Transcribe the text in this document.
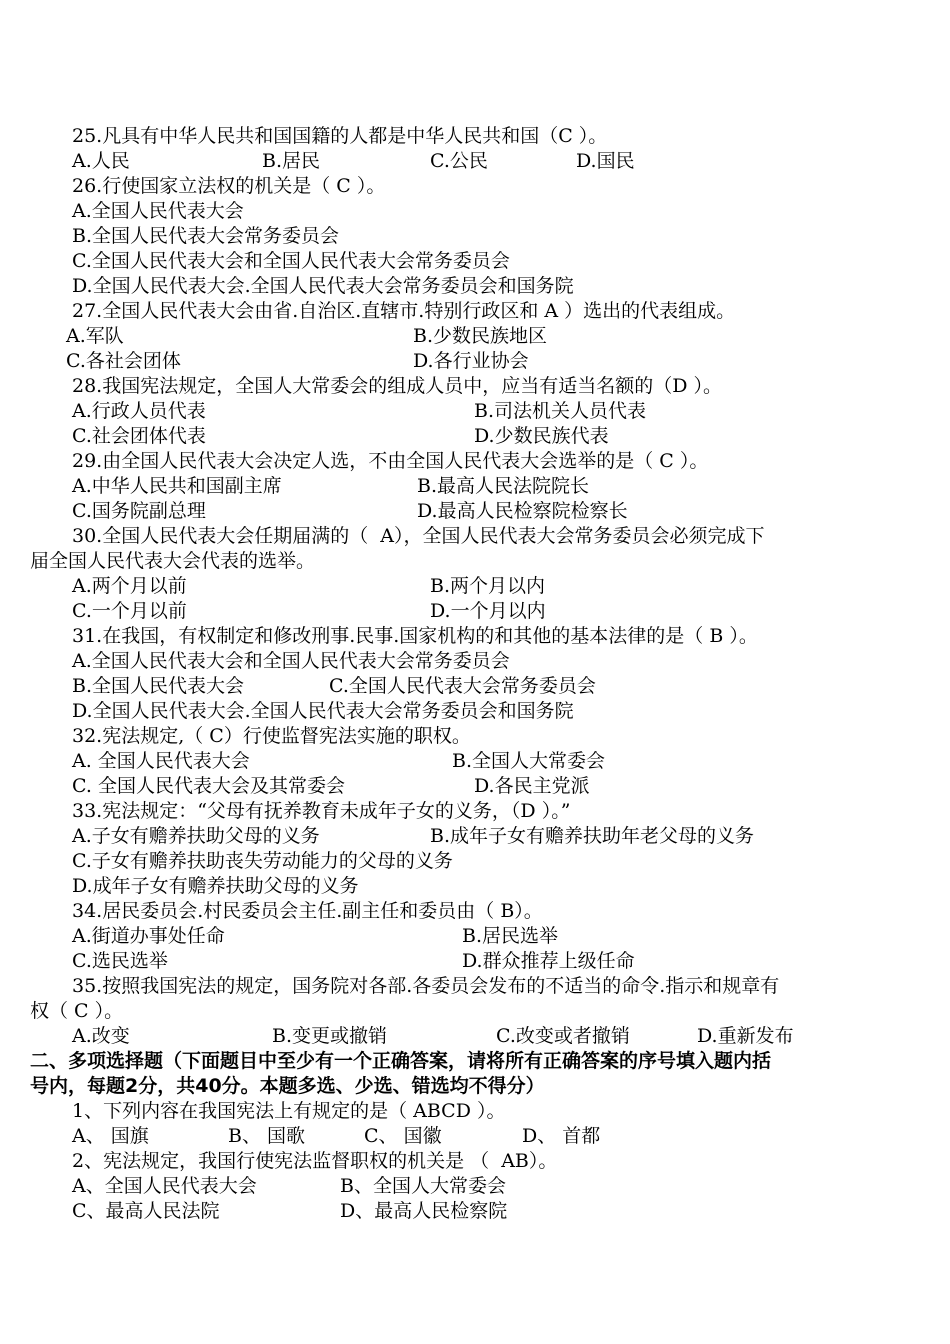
25.凡具有中华人民共和国国籍的人都是中华人民共和国（C ）。
A.人民	B.居民	C.公民	D.国民
26.行使国家立法权的机关是（ C ）。
A.全国人民代表大会
B.全国人民代表大会常务委员会
C.全国人民代表大会和全国人民代表大会常务委员会
D.全国人民代表大会.全国人民代表大会常务委员会和国务院
27.全国人民代表大会由省.自治区.直辖市.特别行政区和 A ）选出的代表组成。
A.军队	B.少数民族地区
C.各社会团体	D.各行业协会
28.我国宪法规定，全国人大常委会的组成人员中，应当有适当名额的（D ）。
A.行政人员代表	B.司法机关人员代表
C.社会团体代表	D.少数民族代表
29.由全国人民代表大会决定人选，不由全国人民代表大会选举的是（ C ）。
A.中华人民共和国副主席	B.最高人民法院院长
C.国务院副总理	D.最高人民检察院检察长
30.全国人民代表大会任期届满的（  A），全国人民代表大会常务委员会必须完成下
届全国人民代表大会代表的选举。
A.两个月以前	B.两个月以内
C.一个月以前	D.一个月以内
31.在我国，有权制定和修改刑事.民事.国家机构的和其他的基本法律的是（ B ）。
A.全国人民代表大会和全国人民代表大会常务委员会
B.全国人民代表大会	C.全国人民代表大会常务委员会
D.全国人民代表大会.全国人民代表大会常务委员会和国务院
32.宪法规定,（ C）行使监督宪法实施的职权。
A. 全国人民代表大会	B.全国人大常委会
C. 全国人民代表大会及其常委会	D.各民主党派
33.宪法规定：“父母有抚养教育未成年子女的义务，（D ）。”
A.子女有赡养扶助父母的义务	B.成年子女有赡养扶助年老父母的义务
C.子女有赡养扶助丧失劳动能力的父母的义务
D.成年子女有赡养扶助父母的义务
34.居民委员会.村民委员会主任.副主任和委员由（ B）。
A.街道办事处任命	B.居民选举
C.选民选举	D.群众推荐上级任命
35.按照我国宪法的规定，国务院对各部.各委员会发布的不适当的命令.指示和规章有
权（ C ）。
A.改变	B.变更或撤销	C.改变或者撤销	D.重新发布
二、多项选择题（下面题目中至少有一个正确答案，请将所有正确答案的序号填入题内括
号内，每题2分，共40分。本题多选、少选、错选均不得分）
1、下列内容在我国宪法上有规定的是（ ABCD ）。
A、 国旗	B、 国歌	C、 国徽	D、 首都
2、宪法规定，我国行使宪法监督职权的机关是 （  AB）。
A、全国人民代表大会	B、全国人大常委会
C、最高人民法院	D、最高人民检察院
